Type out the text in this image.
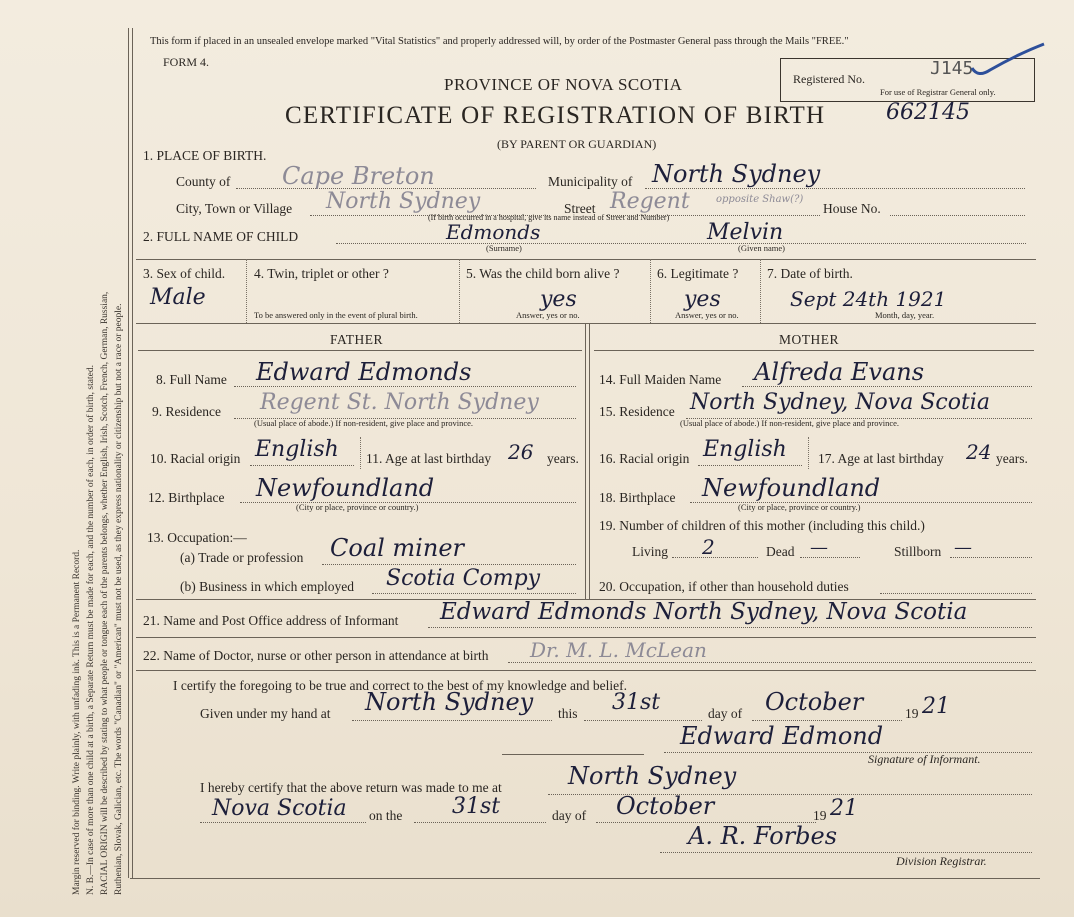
Margin reserved for binding. Write plainly, with unfading ink. This is a Permanent Record. N. B.—In case of more than one child at a birth, a Separate Return must be made for each, and the number of each, in order of birth, stated. RACIAL ORIGIN will be described by stating to what people or tongue each of the parents belongs, whether English, Irish, Scotch, French, German, Russian, Ruthenian, Slovak, Galician, etc. The words "Canadian" or "American" must not be used, as they express nationality or citizenship but not a race or people.
This form if placed in an unsealed envelope marked "Vital Statistics" and properly addressed will, by order of the Postmaster General pass through the Mails "FREE."
FORM 4.
PROVINCE OF NOVA SCOTIA
CERTIFICATE OF REGISTRATION OF BIRTH
(BY PARENT OR GUARDIAN)
662145
Registered No.	J145
For use of Registrar General only.
1. PLACE OF BIRTH.
County of Cape Breton	Municipality of North Sydney
City, Town or Village North Sydney	Street Regent	opposite Shaw(?)
House No.
(If birth occurred in a hospital, give its name instead of Street and Number)
2. FULL NAME OF CHILD	Edmonds
(Surname)
Melvin
(Given name)
3. Sex of child.
Male
4. Twin, triplet or other ?
To be answered only in the event of plural birth.
5. Was the child born alive ?
yes
Answer, yes or no.
6. Legitimate ?
yes
Answer, yes or no.
7. Date of birth.
Sept 24th 1921
Month, day, year.
FATHER	MOTHER
8. Full Name Edward Edmonds
9. Residence Regent St. North Sydney
(Usual place of abode.) If non-resident, give place and province.
10. Racial origin English 11. Age at last birthday 26 years.
12. Birthplace Newfoundland
(City or place, province or country.)
13. Occupation:—
(a) Trade or profession Coal miner
(b) Business in which employed Scotia Compy
14. Full Maiden Name Alfreda Evans
15. Residence North Sydney, Nova Scotia
(Usual place of abode.) If non-resident, give place and province.
16. Racial origin English 17. Age at last birthday 24 years.
18. Birthplace Newfoundland
(City or place, province or country.)
19. Number of children of this mother (including this child.)
Living 2	Dead —	Stillborn —
20. Occupation, if other than household duties
21. Name and Post Office address of Informant Edward Edmonds North Sydney, Nova Scotia
22. Name of Doctor, nurse or other person in attendance at birth Dr. M. L. McLean
I certify the foregoing to be true and correct to the best of my knowledge and belief.
Given under my hand at North Sydney this 31st	day of October	19 21
Edward Edmond
Signature of Informant.
I hereby certify that the above return was made to me at	North Sydney
Nova Scotia on the 31st	day of October	19 21
A. R. Forbes
Division Registrar.
